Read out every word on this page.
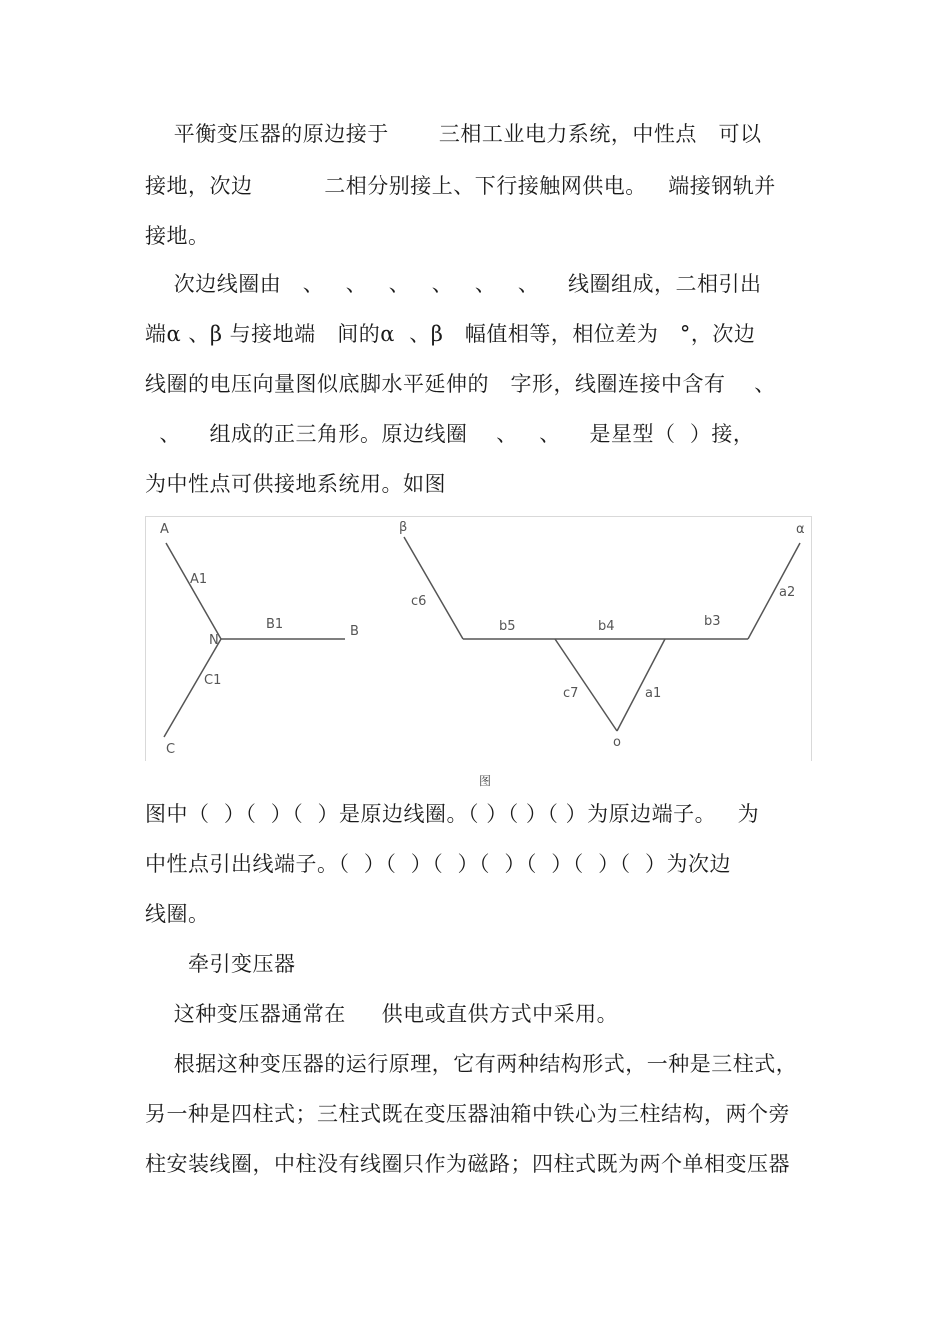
平衡变压器的原边接于       三相工业电力系统，中性点   可以
接地，次边          二相分别接上、下行接触网供电。   端接钢轨并
接地。
次边线圈由   、   、   、   、   、   、    线圈组成，二相引出
端α 、β 与接地端   间的α  、β   幅值相等，相位差为   °，次边
线圈的电压向量图似底脚水平延伸的   字形，线圈连接中含有    、
、    组成的正三角形。原边线圈    、   、    是星型（  ）接，
为中性点可供接地系统用。如图
A
A1
N
B1	B
C1
C
β
c6
b5	b4	b3
a2
α
c7	a1
o
图
图中（  ）（  ）（  ）是原边线圈。（ ）（ ）（ ）为原边端子。   为
中性点引出线端子。（  ）（  ）（  ）（  ）（  ）（  ）（  ）为次边
线圈。
牵引变压器
这种变压器通常在     供电或直供方式中采用。
根据这种变压器的运行原理，它有两种结构形式，一种是三柱式，
另一种是四柱式；三柱式既在变压器油箱中铁心为三柱结构，两个旁
柱安装线圈，中柱没有线圈只作为磁路；四柱式既为两个单相变压器
